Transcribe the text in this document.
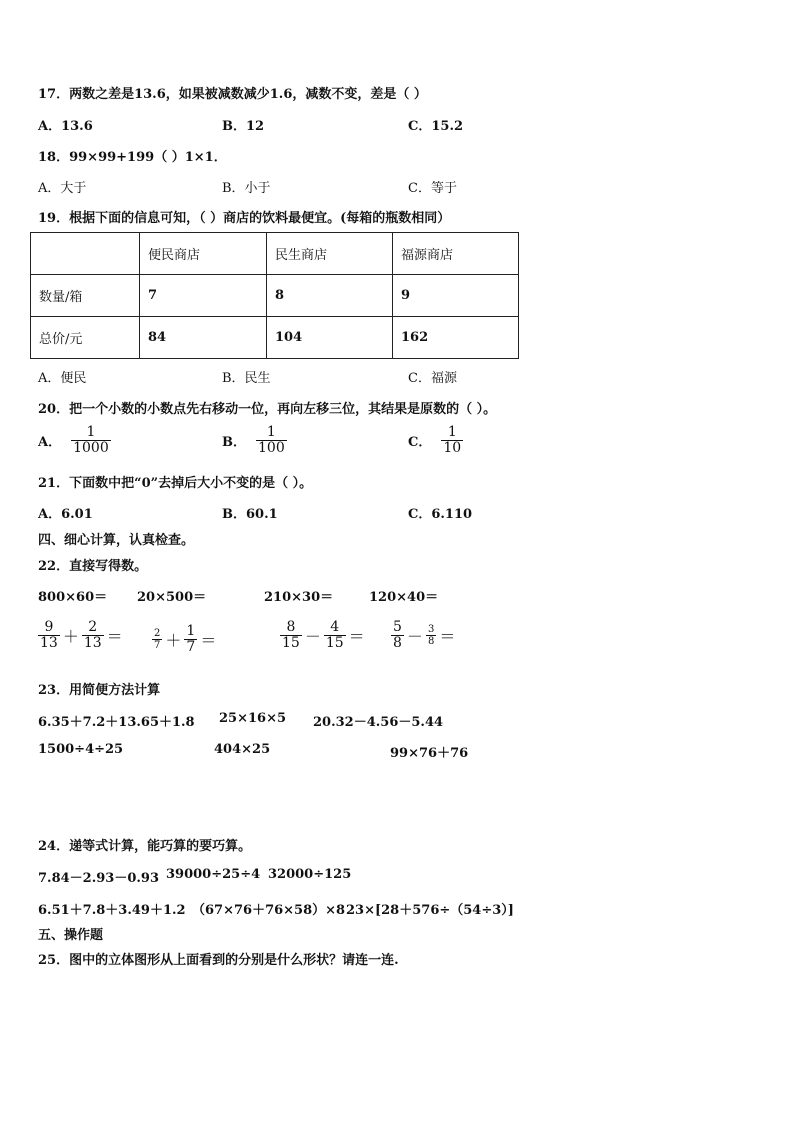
17．两数之差是13.6，如果被减数减少1.6，减数不变，差是（ ）
A．13.6	B．12	C．15.2
18．99×99+199（ ）1×1．
A．大于	B．小于	C．等于
19．根据下面的信息可知，（ ）商店的饮料最便宜。(每箱的瓶数相同）
	便民商店	民生商店	福源商店
数量/箱	7	8	9
总价/元	84	104	162
A．便民	B．民生	C．福源
20．把一个小数的小数点先右移动一位，再向左移三位，其结果是原数的（ ）。
A． $\frac{1}{1000}$	B． $\frac{1}{100}$	C． $\frac{1}{10}$
21．下面数中把“0”去掉后大小不变的是（ ）。
A．6.01	B．60.1	C．6.110
四、细心计算，认真检查。
22．直接写得数。
800×60＝ 20×500＝	210×30＝	120×40＝
$\frac{9}{13} + \frac{2}{13}$ ＝	$\frac{2}{7} + \frac{1}{7}$ ＝	$\frac{8}{15} - \frac{4}{15} = \frac{5}{8} - \frac{3}{8}$ ＝
23．用简便方法计算
6.35＋7.2＋13.65＋1.8 25×16×5 20.32－4.56－5.44
1500÷4÷25	404×25	99×76＋76
24．递等式计算，能巧算的要巧算。
7.84－2.93－0.93 39000÷25÷4 32000÷125
6.51＋7.8＋3.49＋1.2 （67×76＋76×58）×8 23×[28＋576÷（54÷3）]
五、操作题
25．图中的立体图形从上面看到的分别是什么形状？请连一连.
